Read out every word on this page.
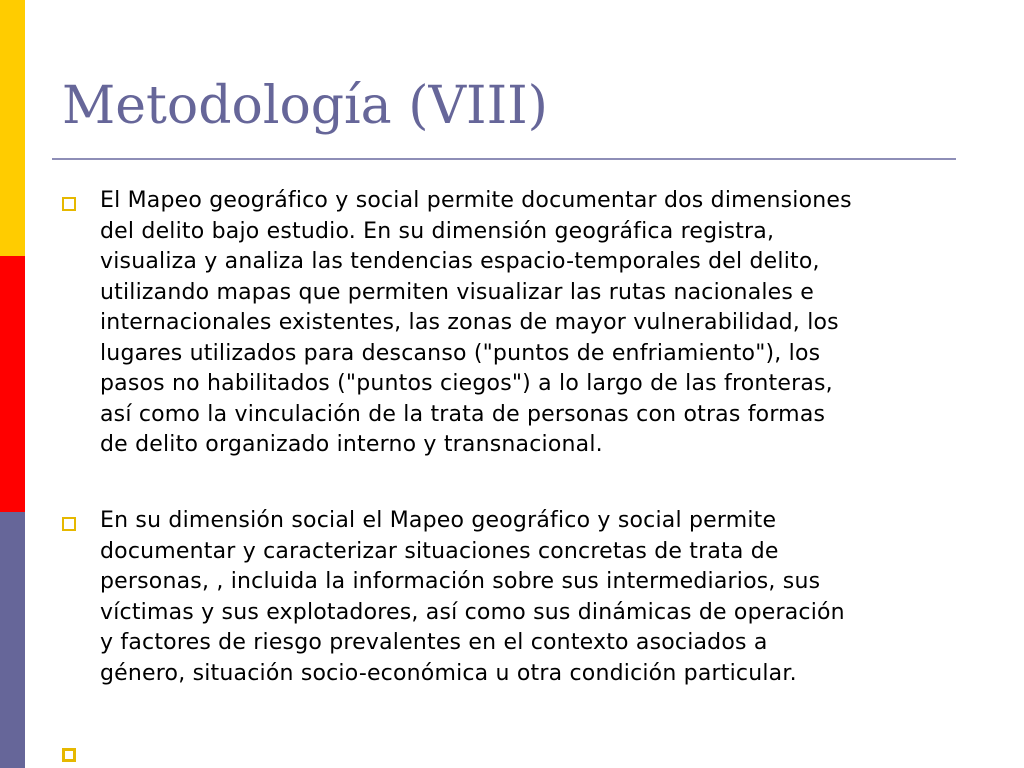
Metodología (VIII)
El Mapeo geográfico y social permite documentar dos dimensiones
del delito bajo estudio. En su dimensión geográfica registra,
visualiza y analiza las tendencias espacio-temporales del delito,
utilizando mapas que permiten visualizar las rutas nacionales e
internacionales existentes, las zonas de mayor vulnerabilidad, los
lugares utilizados para descanso ("puntos de enfriamiento"), los
pasos no habilitados ("puntos ciegos") a lo largo de las fronteras,
así como la vinculación de la trata de personas con otras formas
de delito organizado interno y transnacional.
En su dimensión social el Mapeo geográfico y social permite
documentar y caracterizar situaciones concretas de trata de
personas, , incluida la información sobre sus intermediarios, sus
víctimas y sus explotadores, así como sus dinámicas de operación
y factores de riesgo prevalentes en el contexto asociados a
género, situación socio-económica u otra condición particular.
